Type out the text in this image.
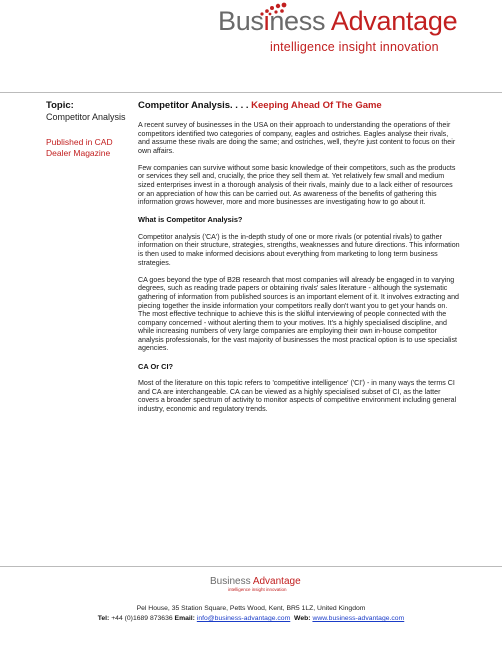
Business Advantage
intelligence insight innovation
Topic:
Competitor Analysis
Published in CAD Dealer Magazine
Competitor Analysis. . . . Keeping Ahead Of The Game

A recent survey of businesses in the USA on their approach to understanding the operations of their competitors identified two categories of company, eagles and ostriches. Eagles analyse their rivals, and assume these rivals are doing the same; and ostriches, well, they're just content to focus on their own affairs.

Few companies can survive without some basic knowledge of their competitors, such as the products or services they sell and, crucially, the price they sell them at. Yet relatively few small and medium sized enterprises invest in a thorough analysis of their rivals, mainly due to a lack either of resources or an appreciation of how this can be carried out. As awareness of the benefits of gathering this information grows however, more and more businesses are investigating how to go about it.

What is Competitor Analysis?

Competitor analysis ('CA') is the in-depth study of one or more rivals (or potential rivals) to gather information on their structure, strategies, strengths, weaknesses and future directions. This information is then used to make informed decisions about everything from marketing to long term business strategies.

CA goes beyond the type of B2B research that most companies will already be engaged in to varying degrees, such as reading trade papers or obtaining rivals' sales literature - although the systematic gathering of information from published sources is an important element of it. It involves extracting and piecing together the inside information your competitors really don't want you to get your hands on. The most effective technique to achieve this is the skilful interviewing of people connected with the company concerned - without alerting them to your motives. It's a highly specialised discipline, and while increasing numbers of very large companies are employing their own in-house competitor analysis professionals, for the vast majority of businesses the most practical option is to use specialist agencies.

CA Or CI?

Most of the literature on this topic refers to 'competitive intelligence' ('CI') - in many ways the terms CI and CA are interchangeable. CA can be viewed as a highly specialised subset of CI, as the latter covers a broader spectrum of activity to monitor aspects of competitive environment including general industry, economic and regulatory trends.

Business Advantage
intelligence insight innovation
Pel House, 35 Station Square, Petts Wood, Kent, BR5 1LZ, United Kingdom
Tel: +44 (0)1689 873636 Email: info@business-advantage.com Web: www.business-advantage.com
